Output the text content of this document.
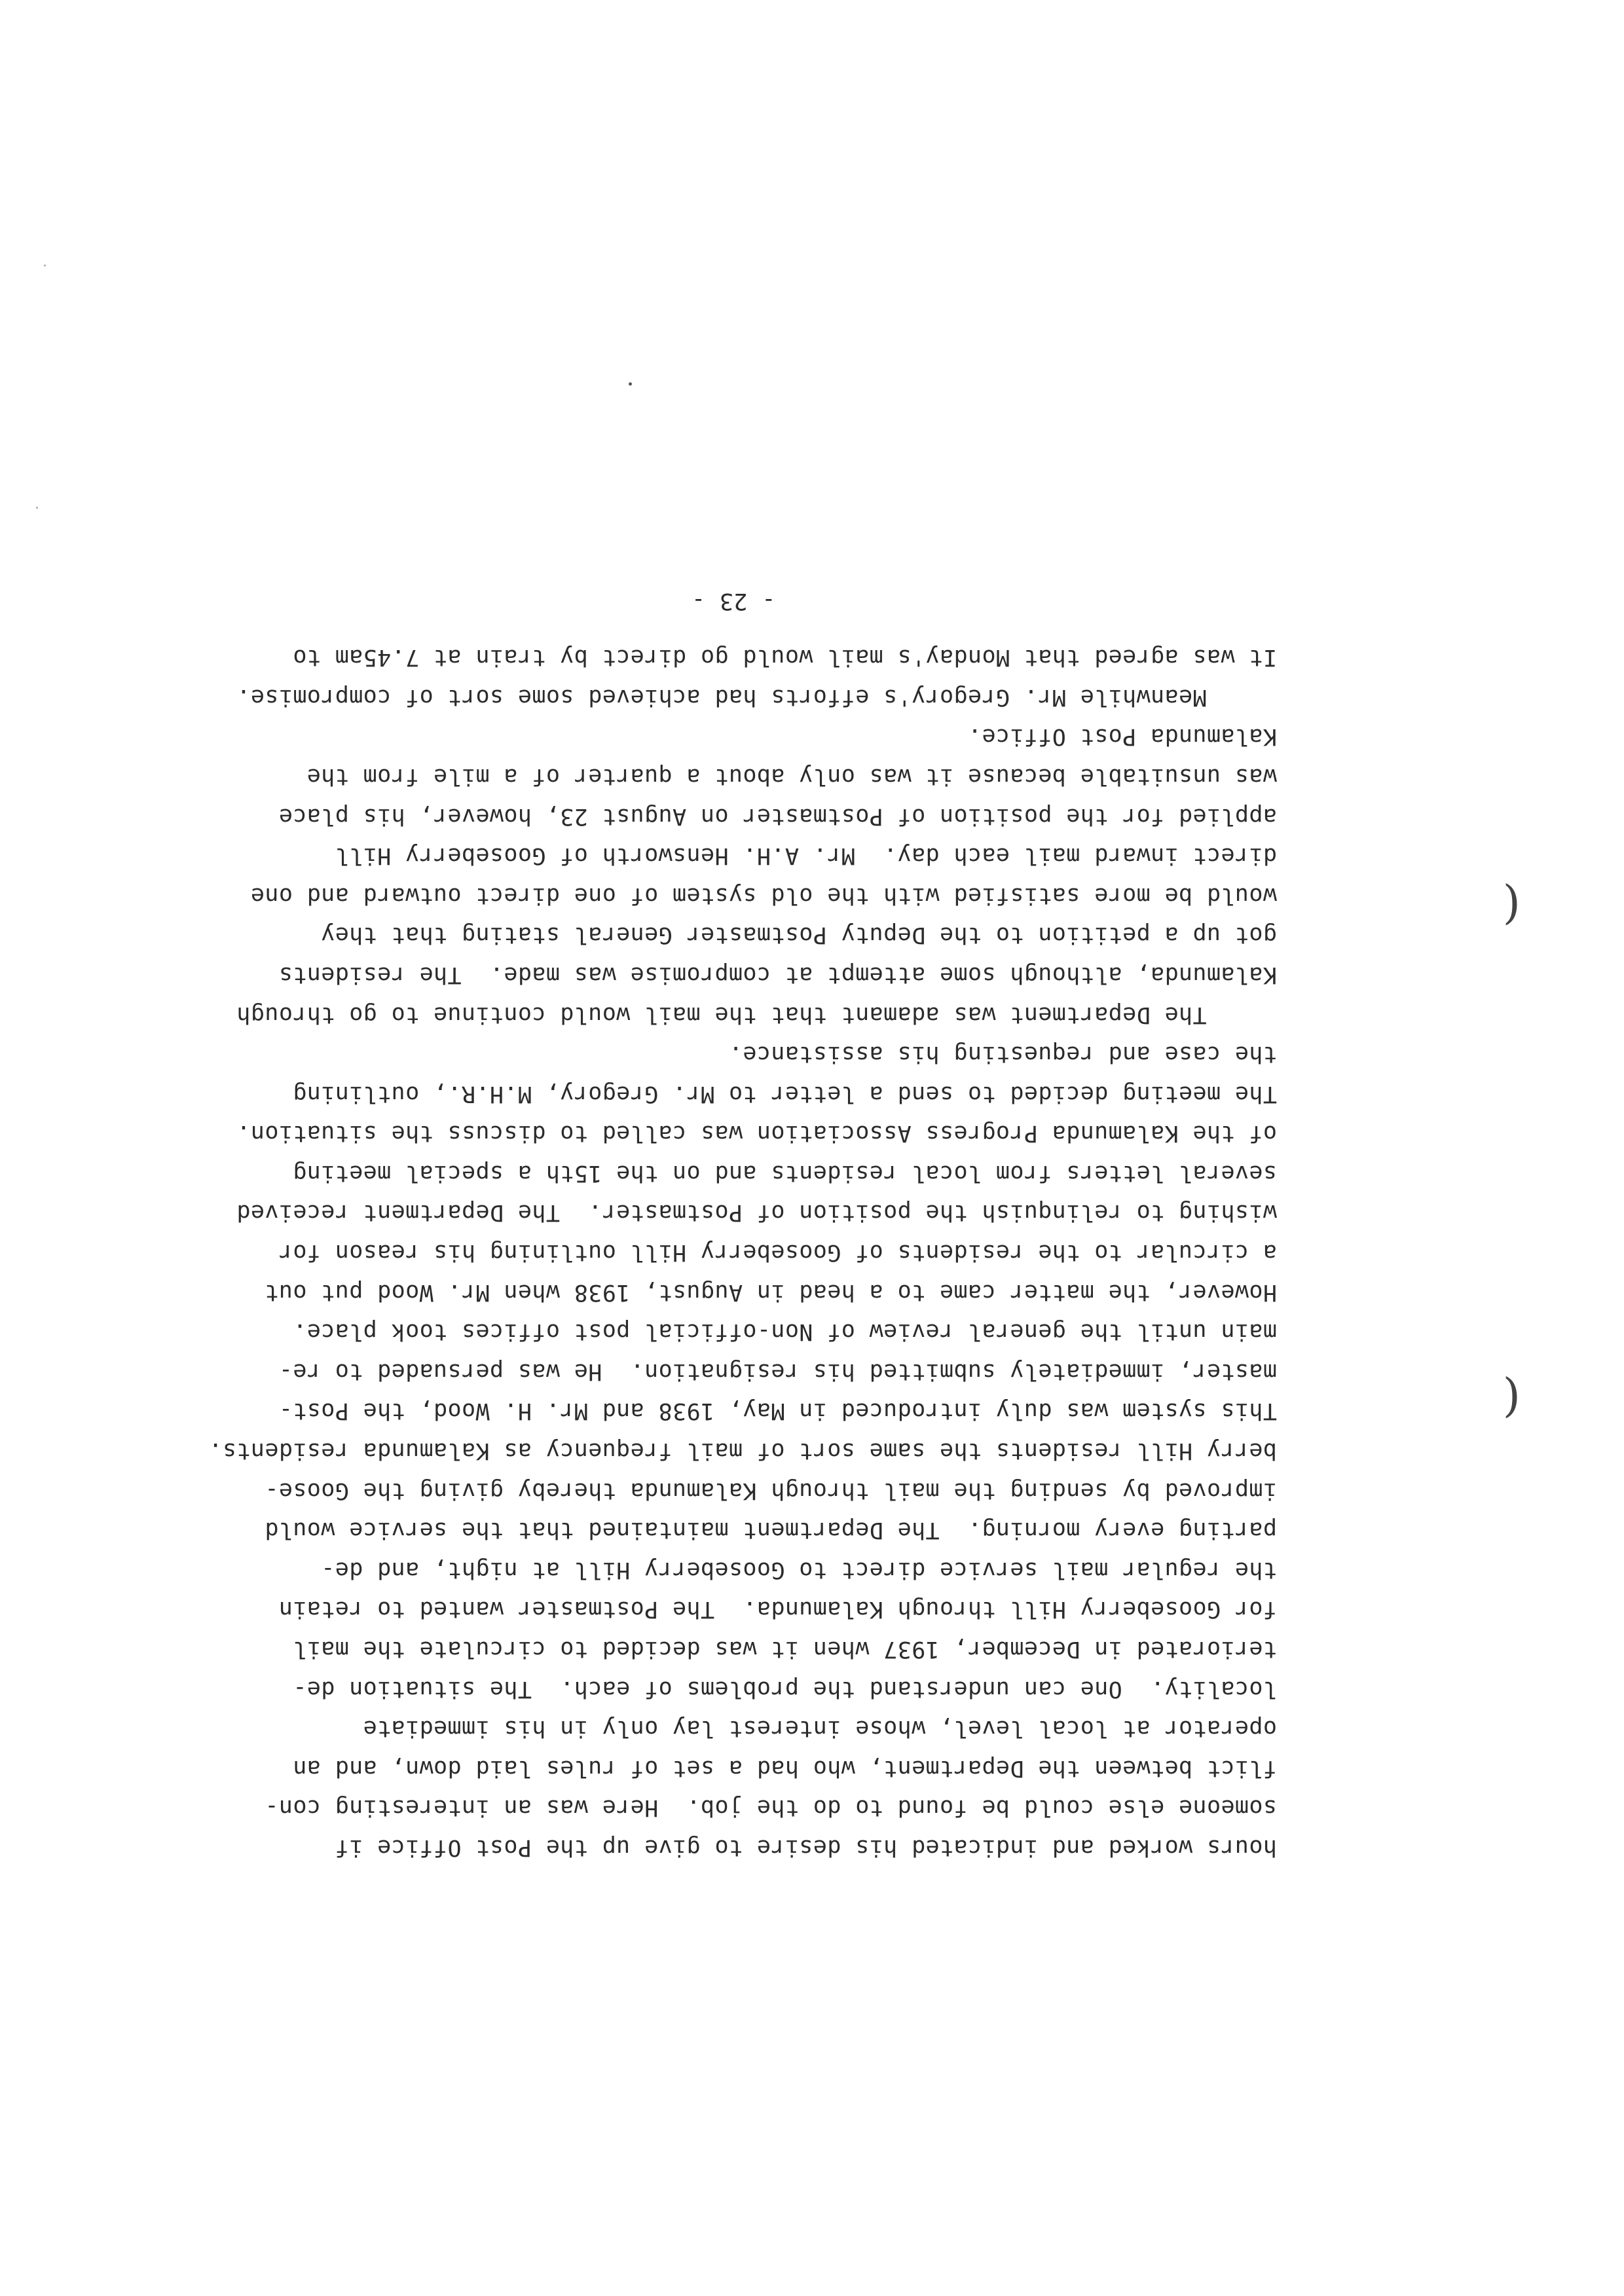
hours worked and indicated his desire to give up the Post Office if
someone else could be found to do the job.  Here was an interesting con-
flict between the Department, who had a set of rules laid down, and an
operator at local level, whose interest lay only in his immediate
locality.  One can understand the problems of each.  The situation de-
teriorated in December, 1937 when it was decided to circulate the mail
for Gooseberry Hill through Kalamunda.  The Postmaster wanted to retain
the regular mail service direct to Gooseberry Hill at night, and de-
parting every morning.  The Department maintained that the service would
improved by sending the mail through Kalamunda thereby giving the Goose-
berry Hill residents the same sort of mail frequency as Kalamunda residents.
This system was duly introduced in May, 1938 and Mr. H. Wood, the Post-
master, immediately submitted his resignation.  He was persuaded to re-
main until the general review of Non-official post offices took place.
However, the matter came to a head in August, 1938 when Mr. Wood put out
a circular to the residents of Gooseberry Hill outlining his reason for
wishing to relinquish the position of Postmaster.  The Department received
several letters from local residents and on the 15th a special meeting
of the Kalamunda Progress Association was called to discuss the situation.
The meeting decided to send a letter to Mr. Gregory, M.H.R., outlining
the case and requesting his assistance.
The Department was adamant that the mail would continue to go through
Kalamunda, although some attempt at compromise was made.  The residents
got up a petition to the Deputy Postmaster General stating that they
would be more satisfied with the old system of one direct outward and one
direct inward mail each day.  Mr. A.H. Hensworth of Gooseberry Hill
applied for the position of Postmaster on August 23, however, his place
was unsuitable because it was only about a quarter of a mile from the
Kalamunda Post Office.
Meanwhile Mr. Gregory's efforts had achieved some sort of compromise.
It was agreed that Monday's mail would go direct by train at 7.45am to
- 23 -
(
(
